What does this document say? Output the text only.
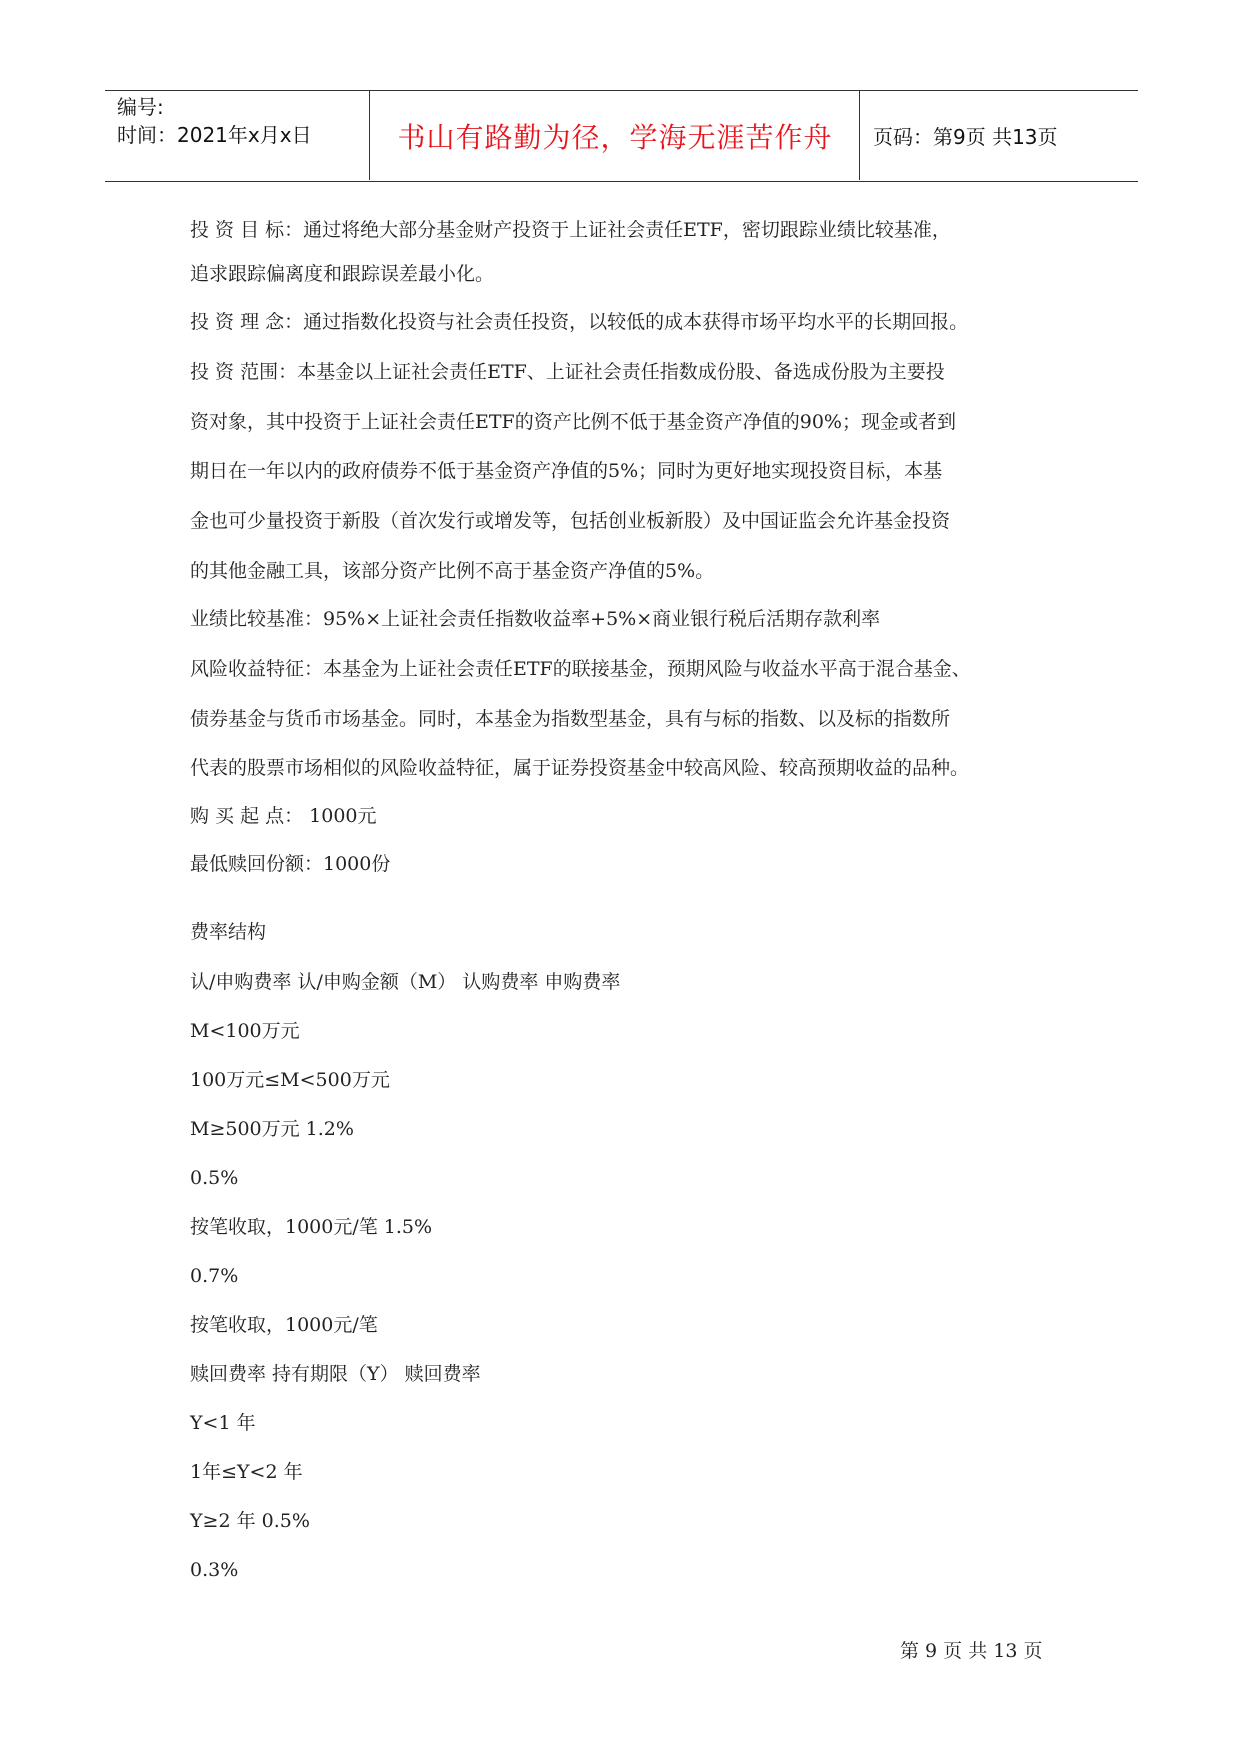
编号:
时间：2021年x月x日	书山有路勤为径，学海无涯苦作舟	页码：第9页 共13页
投 资 目 标：通过将绝大部分基金财产投资于上证社会责任ETF，密切跟踪业绩比较基准，
追求跟踪偏离度和跟踪误差最小化。
投 资 理 念：通过指数化投资与社会责任投资，以较低的成本获得市场平均水平的长期回报。
投 资 范围：本基金以上证社会责任ETF、上证社会责任指数成份股、备选成份股为主要投
资对象，其中投资于上证社会责任ETF的资产比例不低于基金资产净值的90%；现金或者到
期日在一年以内的政府债券不低于基金资产净值的5%；同时为更好地实现投资目标，本基
金也可少量投资于新股（首次发行或增发等，包括创业板新股）及中国证监会允许基金投资
的其他金融工具，该部分资产比例不高于基金资产净值的5%。
业绩比较基准：95%×上证社会责任指数收益率+5%×商业银行税后活期存款利率
风险收益特征：本基金为上证社会责任ETF的联接基金，预期风险与收益水平高于混合基金、
债券基金与货币市场基金。同时，本基金为指数型基金，具有与标的指数、以及标的指数所
代表的股票市场相似的风险收益特征，属于证券投资基金中较高风险、较高预期收益的品种。
购 买 起 点： 1000元
最低赎回份额：1000份
费率结构
认/申购费率 认/申购金额（M） 认购费率 申购费率
M<100万元
100万元≤M<500万元
M≥500万元 1.2%
0.5%
按笔收取，1000元/笔 1.5%
0.7%
按笔收取，1000元/笔
赎回费率 持有期限（Y） 赎回费率
Y<1 年
1年≤Y<2 年
Y≥2 年 0.5%
0.3%
第 9 页 共 13 页
